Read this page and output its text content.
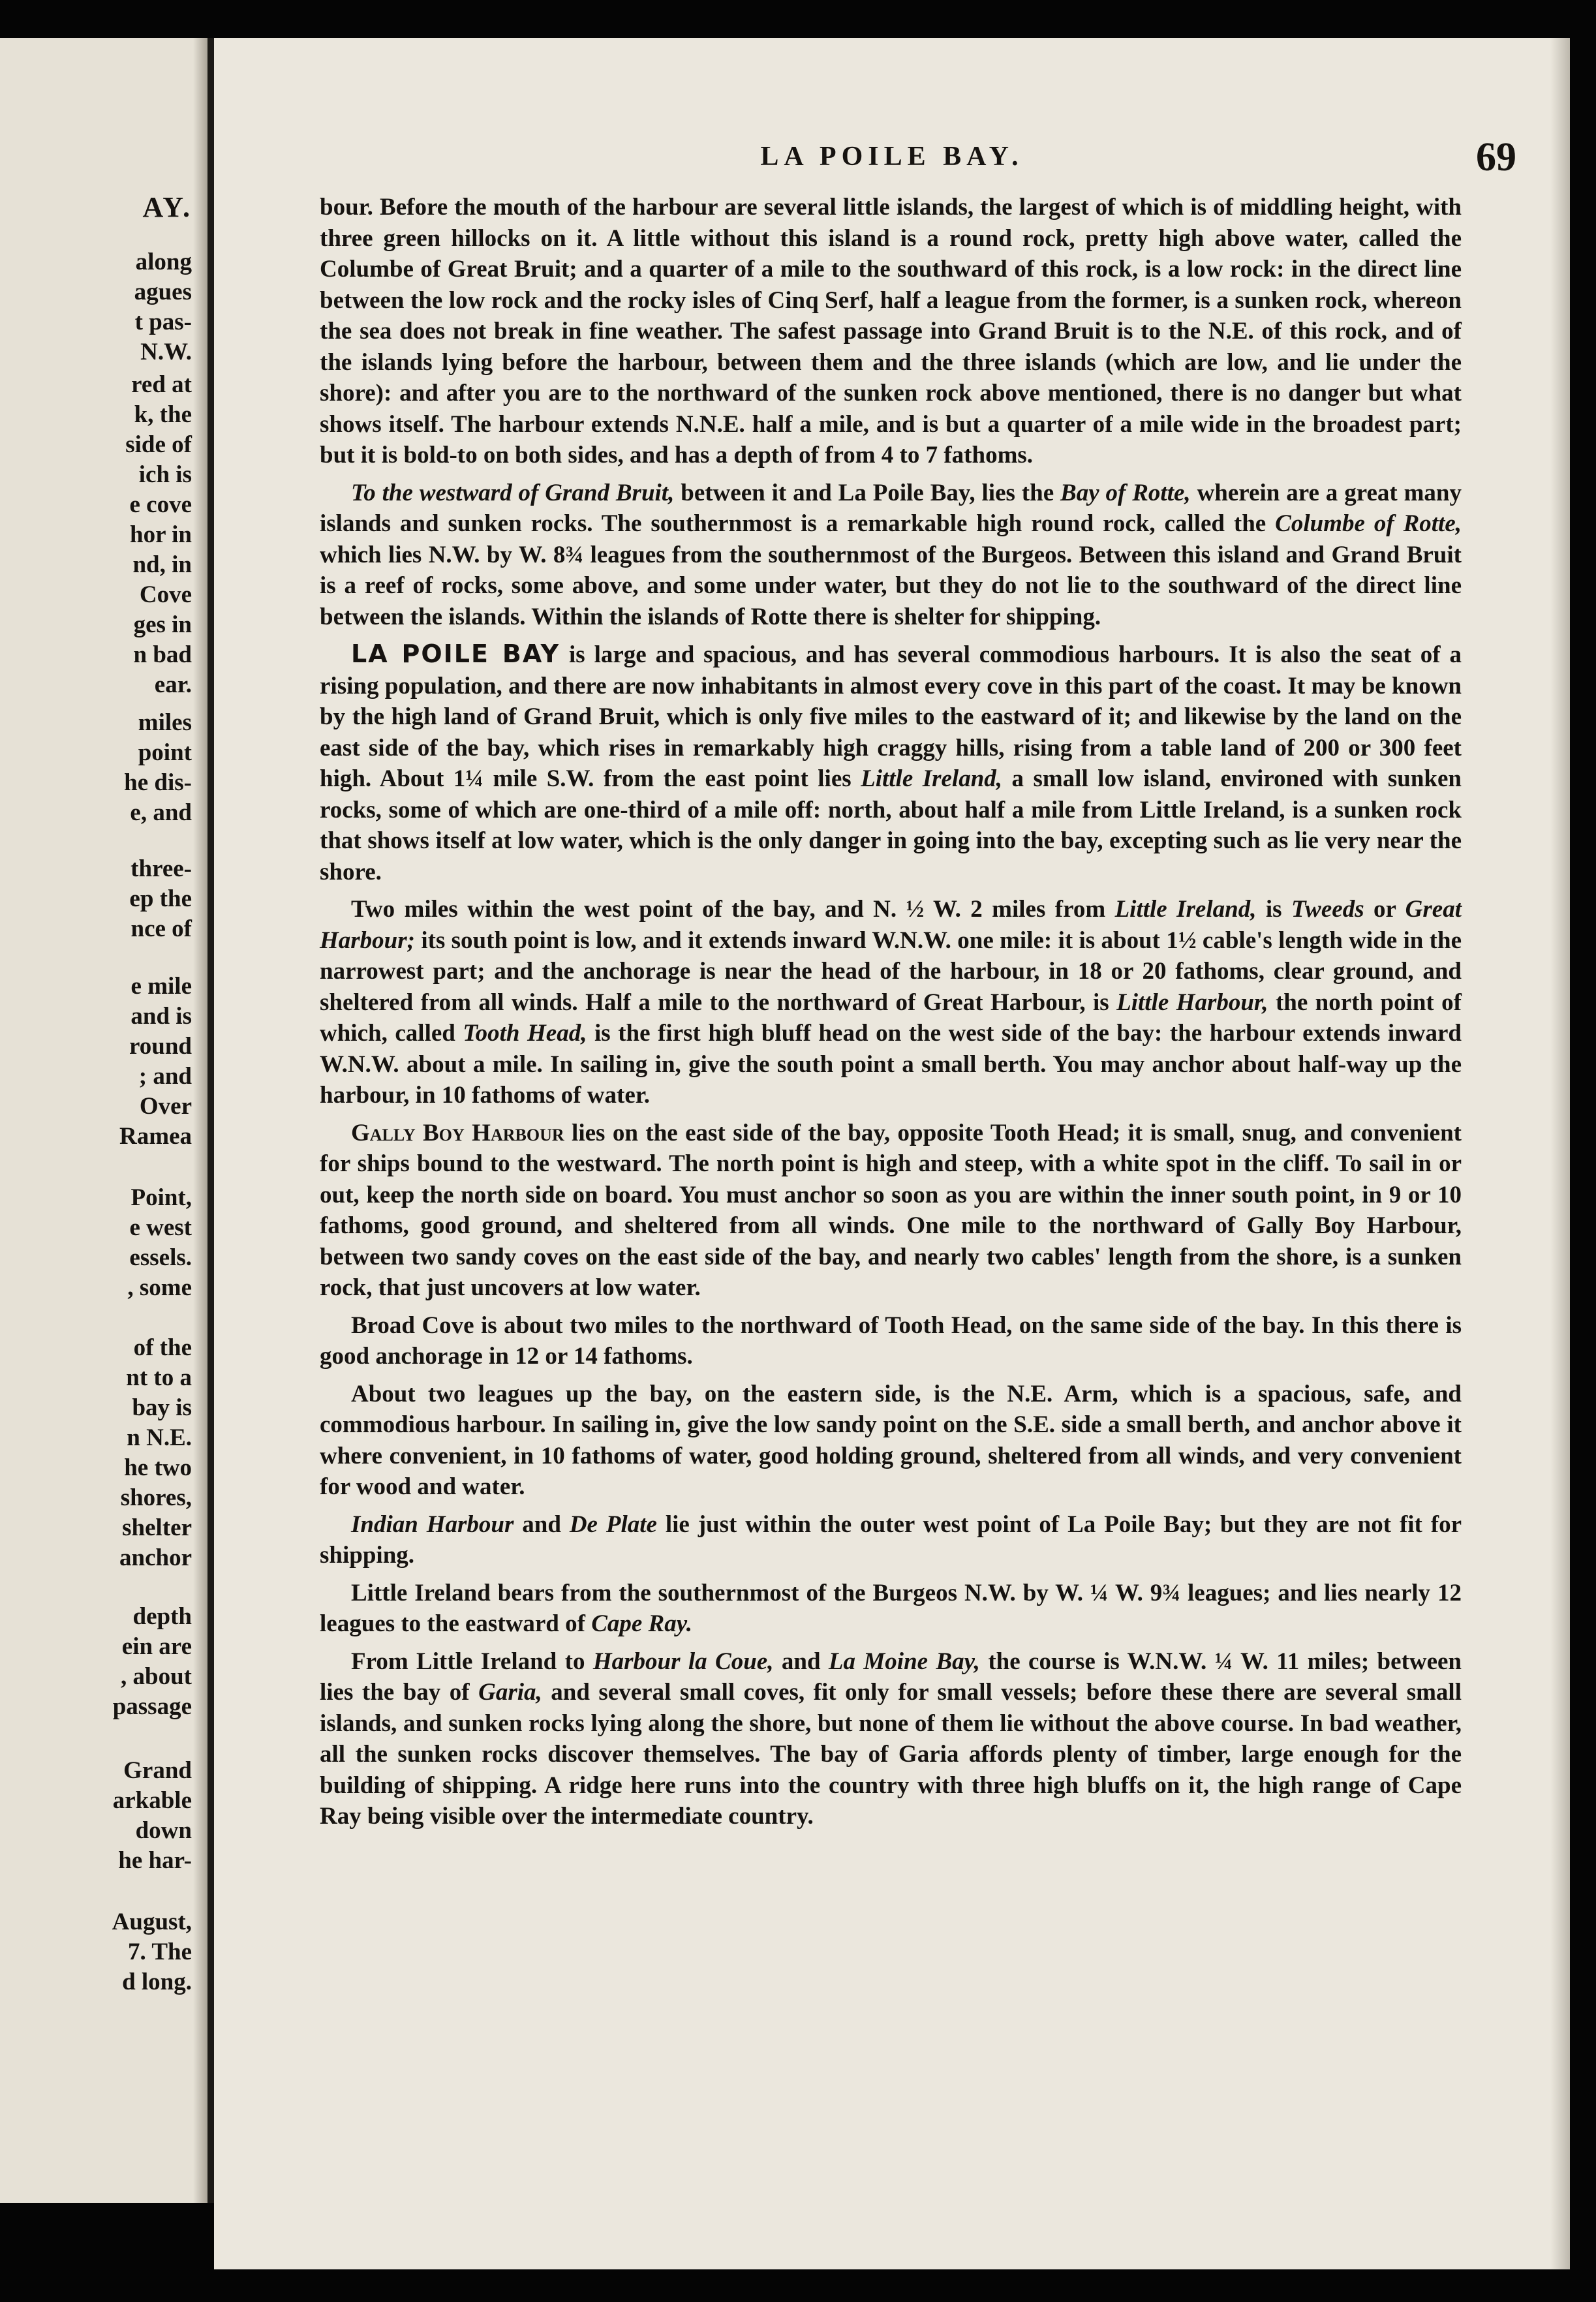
AY.
along
agues
t pas-
N.W.
red at
k, the
side of
ich is
e cove
hor in
nd, in
Cove
ges in
n bad
ear.
miles
point
he dis-
e, and
three-
ep the
nce of
e mile
and is
round
; and
Over
Ramea
Point,
e west
essels.
, some
of the
nt to a
bay is
n N.E.
he two
shores,
shelter
anchor
depth
ein are
, about
passage
Grand
arkable
down
he har-
August,
7. The
d long.
LA POILE BAY.	69

bour. Before the mouth of the harbour are several little islands, the largest of which is of middling height, with three green hillocks on it. A little without this island is a round rock, pretty high above water, called the Columbe of Great Bruit; and a quarter of a mile to the southward of this rock, is a low rock: in the direct line between the low rock and the rocky isles of Cinq Serf, half a league from the former, is a sunken rock, whereon the sea does not break in fine weather. The safest passage into Grand Bruit is to the N.E. of this rock, and of the islands lying before the harbour, between them and the three islands (which are low, and lie under the shore): and after you are to the northward of the sunken rock above mentioned, there is no danger but what shows itself. The harbour extends N.N.E. half a mile, and is but a quarter of a mile wide in the broadest part; but it is bold-to on both sides, and has a depth of from 4 to 7 fathoms.

To the westward of Grand Bruit, between it and La Poile Bay, lies the Bay of Rotte, wherein are a great many islands and sunken rocks. The southernmost is a remarkable high round rock, called the Columbe of Rotte, which lies N.W. by W. 8¾ leagues from the southernmost of the Burgeos. Between this island and Grand Bruit is a reef of rocks, some above, and some under water, but they do not lie to the southward of the direct line between the islands. Within the islands of Rotte there is shelter for shipping.

LA POILE BAY is large and spacious, and has several commodious harbours. It is also the seat of a rising population, and there are now inhabitants in almost every cove in this part of the coast. It may be known by the high land of Grand Bruit, which is only five miles to the eastward of it; and likewise by the land on the east side of the bay, which rises in remarkably high craggy hills, rising from a table land of 200 or 300 feet high. About 1¼ mile S.W. from the east point lies Little Ireland, a small low island, environed with sunken rocks, some of which are one-third of a mile off: north, about half a mile from Little Ireland, is a sunken rock that shows itself at low water, which is the only danger in going into the bay, excepting such as lie very near the shore.

Two miles within the west point of the bay, and N. ½ W. 2 miles from Little Ireland, is Tweeds or Great Harbour; its south point is low, and it extends inward W.N.W. one mile: it is about 1½ cable's length wide in the narrowest part; and the anchorage is near the head of the harbour, in 18 or 20 fathoms, clear ground, and sheltered from all winds. Half a mile to the northward of Great Harbour, is Little Harbour, the north point of which, called Tooth Head, is the first high bluff head on the west side of the bay: the harbour extends inward W.N.W. about a mile. In sailing in, give the south point a small berth. You may anchor about half-way up the harbour, in 10 fathoms of water.

Gally Boy Harbour lies on the east side of the bay, opposite Tooth Head; it is small, snug, and convenient for ships bound to the westward. The north point is high and steep, with a white spot in the cliff. To sail in or out, keep the north side on board. You must anchor so soon as you are within the inner south point, in 9 or 10 fathoms, good ground, and sheltered from all winds. One mile to the northward of Gally Boy Harbour, between two sandy coves on the east side of the bay, and nearly two cables' length from the shore, is a sunken rock, that just uncovers at low water.

Broad Cove is about two miles to the northward of Tooth Head, on the same side of the bay. In this there is good anchorage in 12 or 14 fathoms.

About two leagues up the bay, on the eastern side, is the N.E. Arm, which is a spacious, safe, and commodious harbour. In sailing in, give the low sandy point on the S.E. side a small berth, and anchor above it where convenient, in 10 fathoms of water, good holding ground, sheltered from all winds, and very convenient for wood and water.

Indian Harbour and De Plate lie just within the outer west point of La Poile Bay; but they are not fit for shipping.

Little Ireland bears from the southernmost of the Burgeos N.W. by W. ¼ W. 9¾ leagues; and lies nearly 12 leagues to the eastward of Cape Ray.

From Little Ireland to Harbour la Coue, and La Moine Bay, the course is W.N.W. ¼ W. 11 miles; between lies the bay of Garia, and several small coves, fit only for small vessels; before these there are several small islands, and sunken rocks lying along the shore, but none of them lie without the above course. In bad weather, all the sunken rocks discover themselves. The bay of Garia affords plenty of timber, large enough for the building of shipping. A ridge here runs into the country with three high bluffs on it, the high range of Cape Ray being visible over the intermediate country.
